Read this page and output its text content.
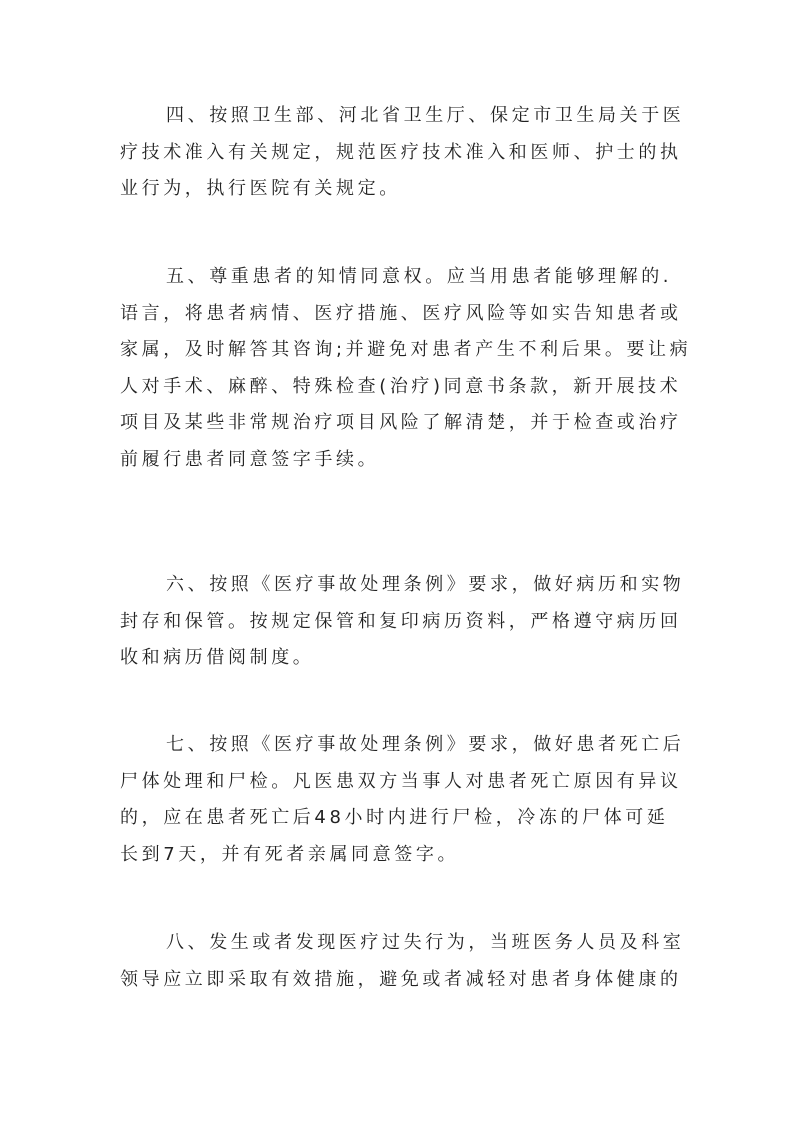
四、按照卫生部、河北省卫生厅、保定市卫生局关于医
疗技术准入有关规定，规范医疗技术准入和医师、护士的执
业行为，执行医院有关规定。

五、尊重患者的知情同意权。应当用患者能够理解的.
语言，将患者病情、医疗措施、医疗风险等如实告知患者或
家属，及时解答其咨询;并避免对患者产生不利后果。要让病
人对手术、麻醉、特殊检查(治疗)同意书条款，新开展技术
项目及某些非常规治疗项目风险了解清楚，并于检查或治疗
前履行患者同意签字手续。

六、按照《医疗事故处理条例》要求，做好病历和实物
封存和保管。按规定保管和复印病历资料，严格遵守病历回
收和病历借阅制度。

七、按照《医疗事故处理条例》要求，做好患者死亡后
尸体处理和尸检。凡医患双方当事人对患者死亡原因有异议
的，应在患者死亡后48小时内进行尸检，冷冻的尸体可延
长到7天，并有死者亲属同意签字。

八、发生或者发现医疗过失行为，当班医务人员及科室
领导应立即采取有效措施，避免或者减轻对患者身体健康的
